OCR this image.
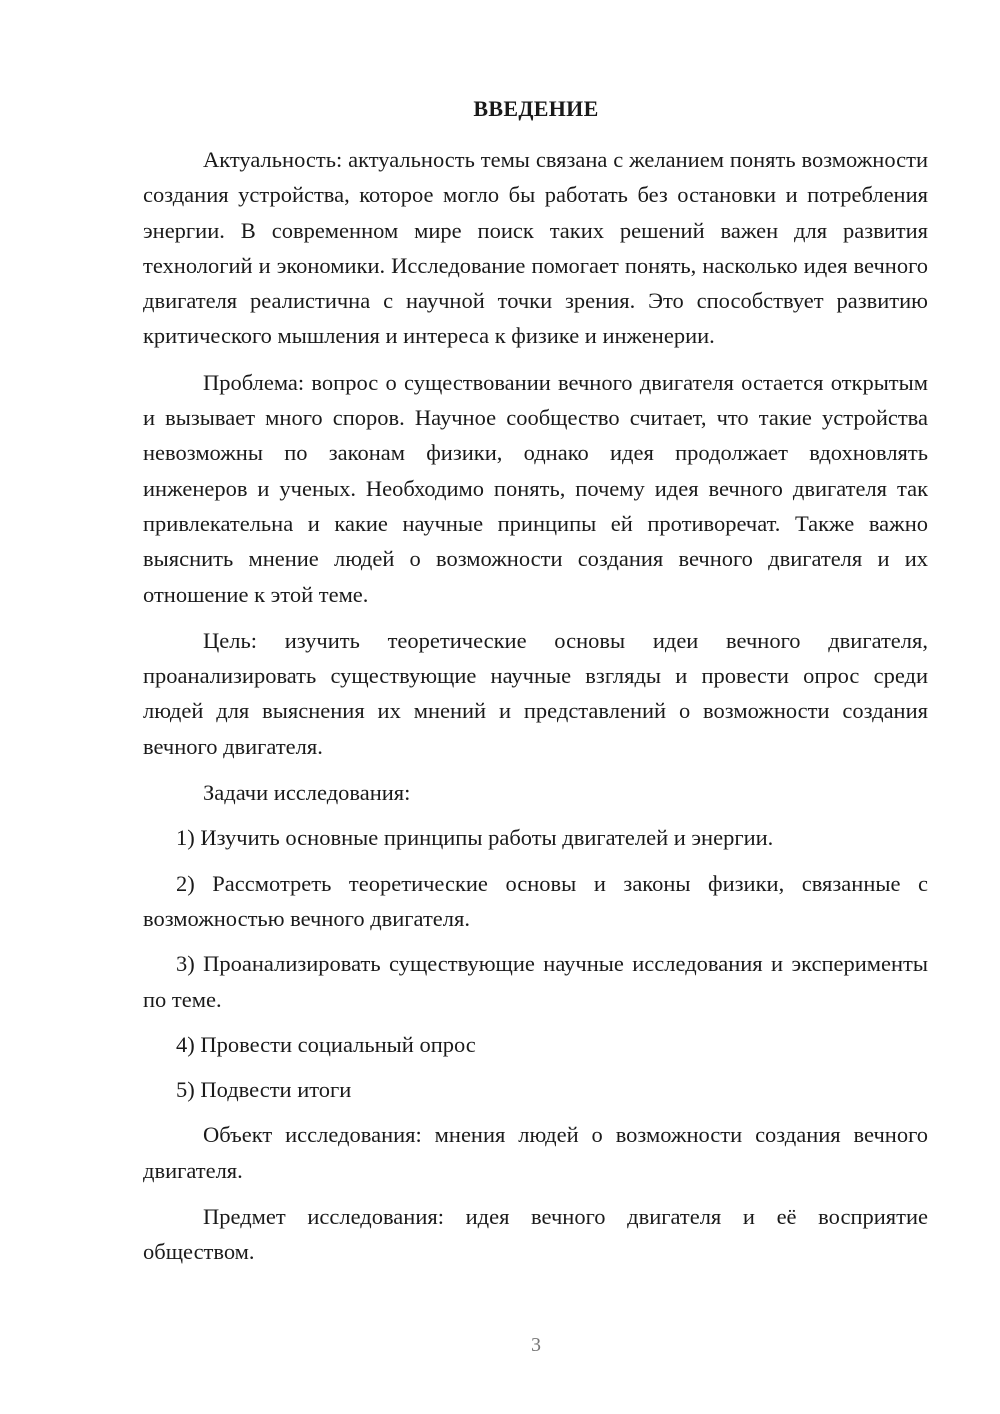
ВВЕДЕНИЕ

Актуальность: актуальность темы связана с желанием понять возможности создания устройства, которое могло бы работать без остановки и потребления энергии. В современном мире поиск таких решений важен для развития технологий и экономики. Исследование помогает понять, насколько идея вечного двигателя реалистична с научной точки зрения. Это способствует развитию критического мышления и интереса к физике и инженерии.

Проблема: вопрос о существовании вечного двигателя остается открытым и вызывает много споров. Научное сообщество считает, что такие устройства невозможны по законам физики, однако идея продолжает вдохновлять инженеров и ученых. Необходимо понять, почему идея вечного двигателя так привлекательна и какие научные принципы ей противоречат. Также важно выяснить мнение людей о возможности создания вечного двигателя и их отношение к этой теме.

Цель: изучить теоретические основы идеи вечного двигателя, проанализировать существующие научные взгляды и провести опрос среди людей для выяснения их мнений и представлений о возможности создания вечного двигателя.

Задачи исследования:

1) Изучить основные принципы работы двигателей и энергии.

2) Рассмотреть теоретические основы и законы физики, связанные с возможностью вечного двигателя.

3) Проанализировать существующие научные исследования и эксперименты по теме.

4) Провести социальный опрос

5) Подвести итоги

Объект исследования: мнения людей о возможности создания вечного двигателя.

Предмет исследования: идея вечного двигателя и её восприятие обществом.

3
